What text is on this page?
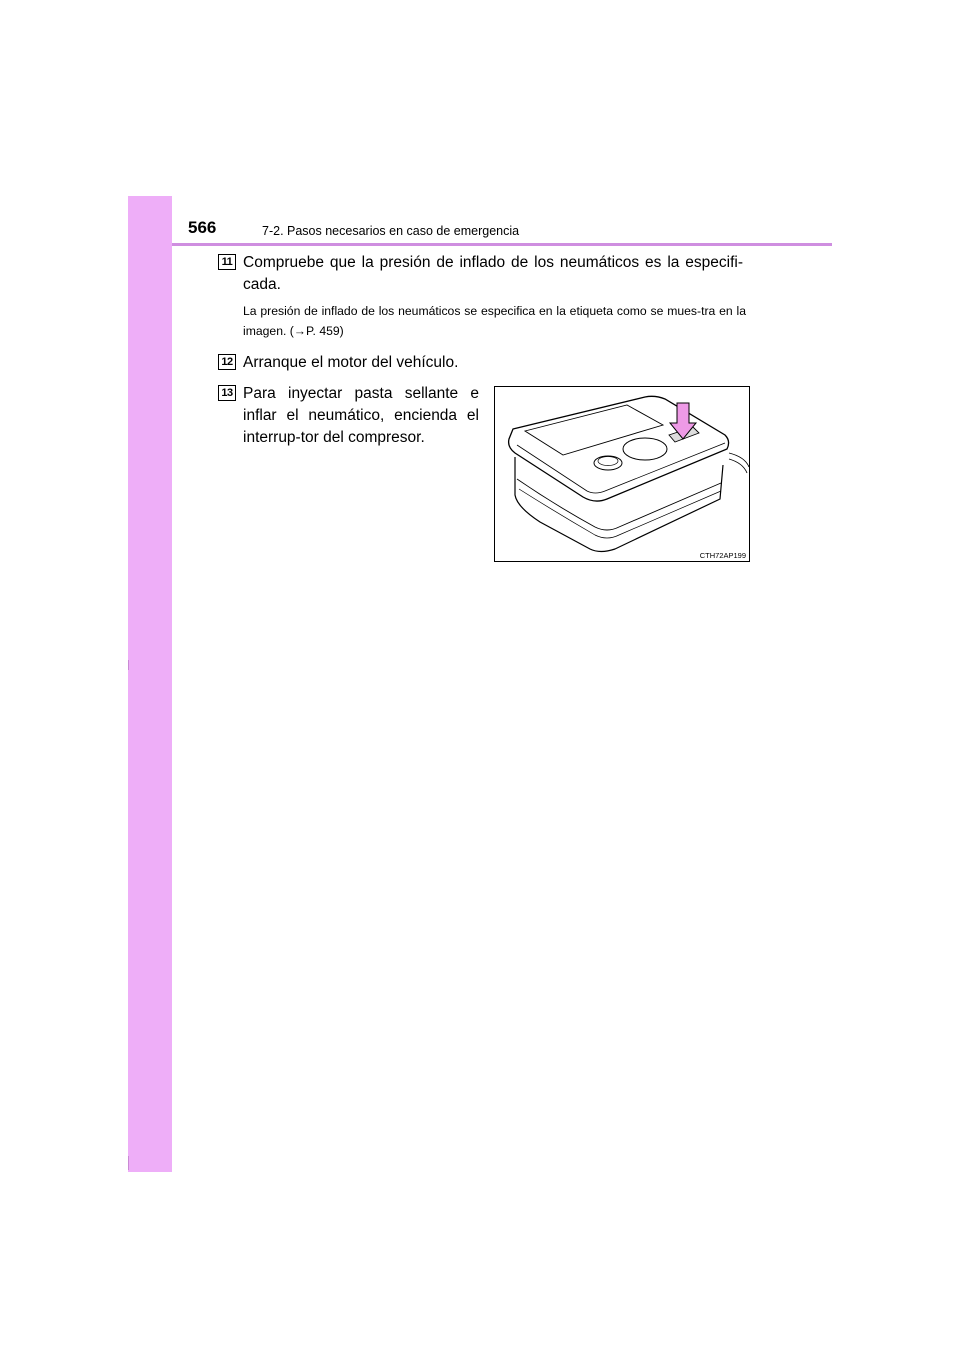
566	7-2. Pasos necesarios en caso de emergencia
11 Compruebe que la presión de inflado de los neumáticos es la especifi-cada.
La presión de inflado de los neumáticos se especifica en la etiqueta como se mues-tra en la imagen. (→P. 459)
12 Arranque el motor del vehículo.
13 Para inyectar pasta sellante e inflar el neumático, encienda el interrup-tor del compresor.
CTH72AP199
